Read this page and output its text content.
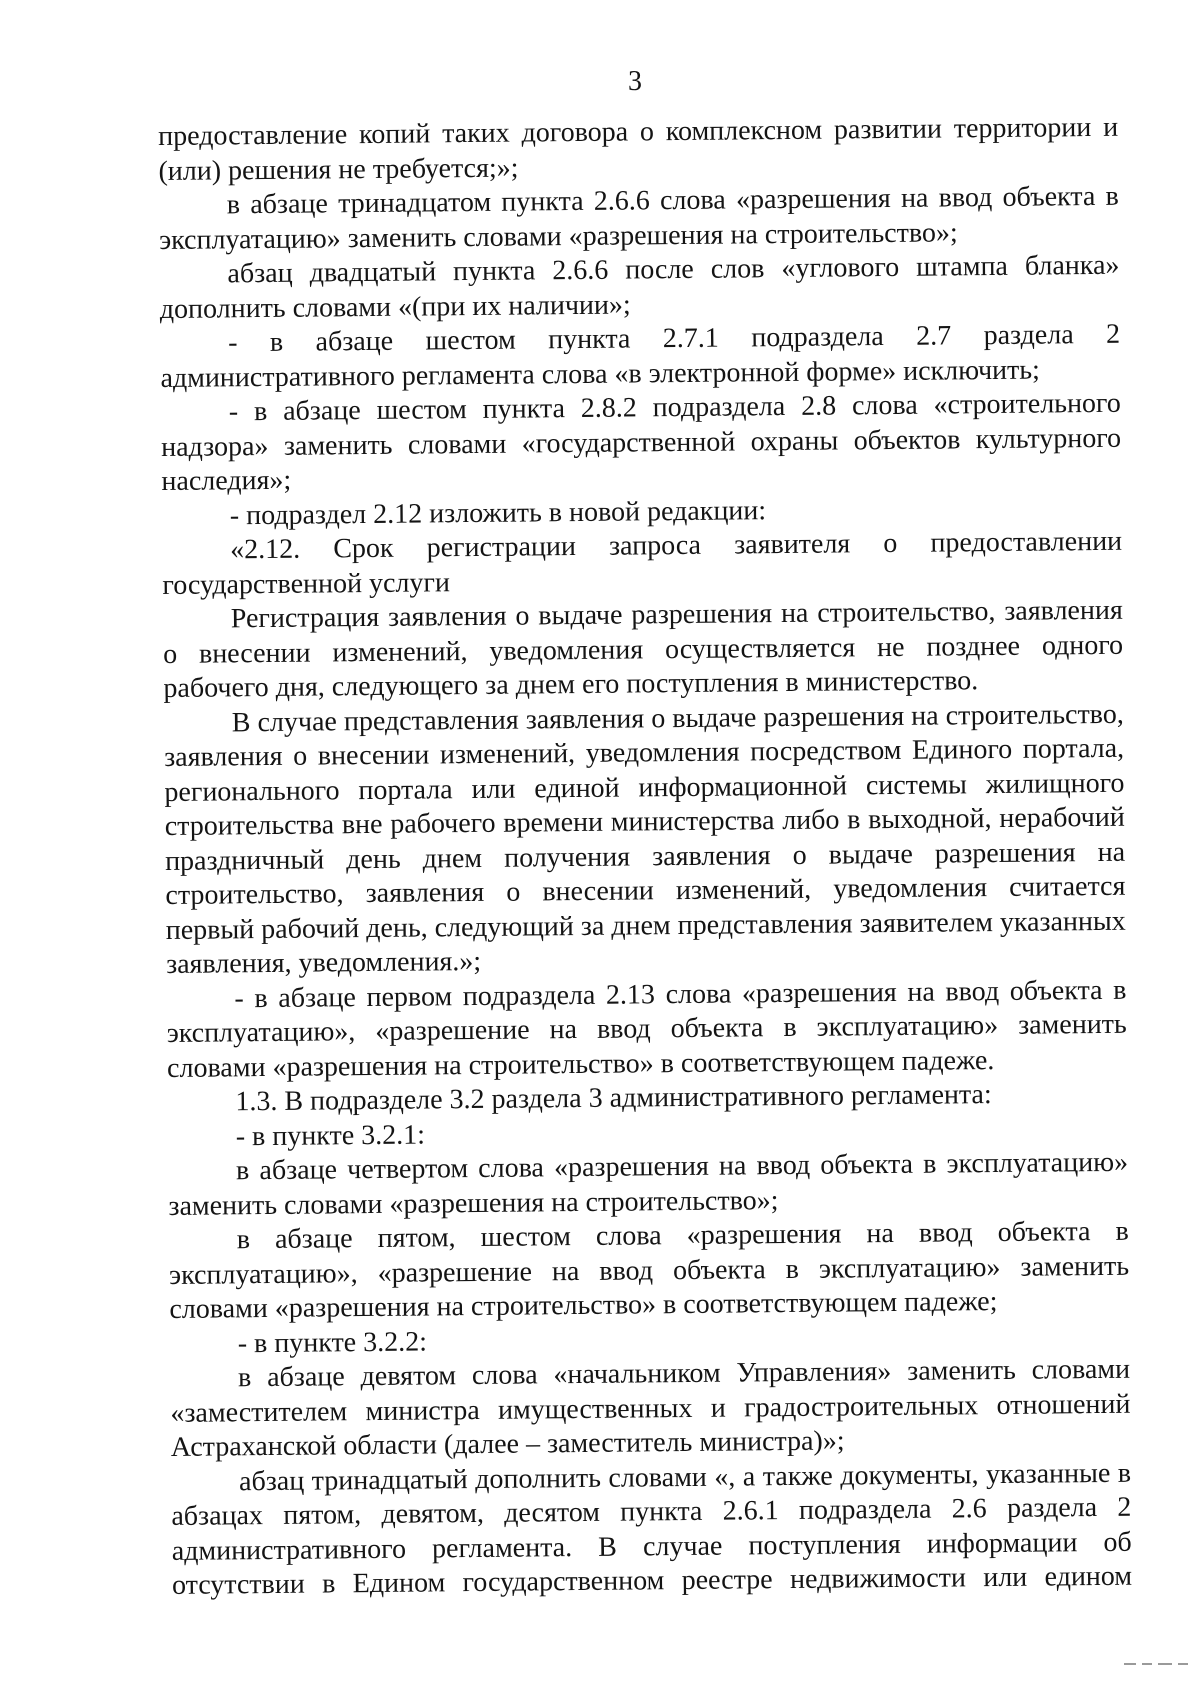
3

предоставление копий таких договора о комплексном развитии территории и (или) решения не требуется;»;

в абзаце тринадцатом пункта 2.6.6 слова «разрешения на ввод объекта в эксплуатацию» заменить словами «разрешения на строительство»;

абзац двадцатый пункта 2.6.6 после слов «углового штампа бланка» дополнить словами «(при их наличии»;

- в абзаце шестом пункта 2.7.1 подраздела 2.7 раздела 2 административного регламента слова «в электронной форме» исключить;

- в абзаце шестом пункта 2.8.2 подраздела 2.8 слова «строительного надзора» заменить словами «государственной охраны объектов культурного наследия»;

- подраздел 2.12 изложить в новой редакции:

«2.12. Срок регистрации запроса заявителя о предоставлении государственной услуги

Регистрация заявления о выдаче разрешения на строительство, заявления о внесении изменений, уведомления осуществляется не позднее одного рабочего дня, следующего за днем его поступления в министерство.

В случае представления заявления о выдаче разрешения на строительство, заявления о внесении изменений, уведомления посредством Единого портала, регионального портала или единой информационной системы жилищного строительства вне рабочего времени министерства либо в выходной, нерабочий праздничный день днем получения заявления о выдаче разрешения на строительство, заявления о внесении изменений, уведомления считается первый рабочий день, следующий за днем представления заявителем указанных заявления, уведомления.»;

- в абзаце первом подраздела 2.13 слова «разрешения на ввод объекта в эксплуатацию», «разрешение на ввод объекта в эксплуатацию» заменить словами «разрешения на строительство» в соответствующем падеже.

1.3. В подразделе 3.2 раздела 3 административного регламента:

- в пункте 3.2.1:

в абзаце четвертом слова «разрешения на ввод объекта в эксплуатацию» заменить словами «разрешения на строительство»;

в абзаце пятом, шестом слова «разрешения на ввод объекта в эксплуатацию», «разрешение на ввод объекта в эксплуатацию» заменить словами «разрешения на строительство» в соответствующем падеже;

- в пункте 3.2.2:

в абзаце девятом слова «начальником Управления» заменить словами «заместителем министра имущественных и градостроительных отношений Астраханской области (далее – заместитель министра)»;

абзац тринадцатый дополнить словами «, а также документы, указанные в абзацах пятом, девятом, десятом пункта 2.6.1 подраздела 2.6 раздела 2 административного регламента. В случае поступления информации об отсутствии в Едином государственном реестре недвижимости или едином
